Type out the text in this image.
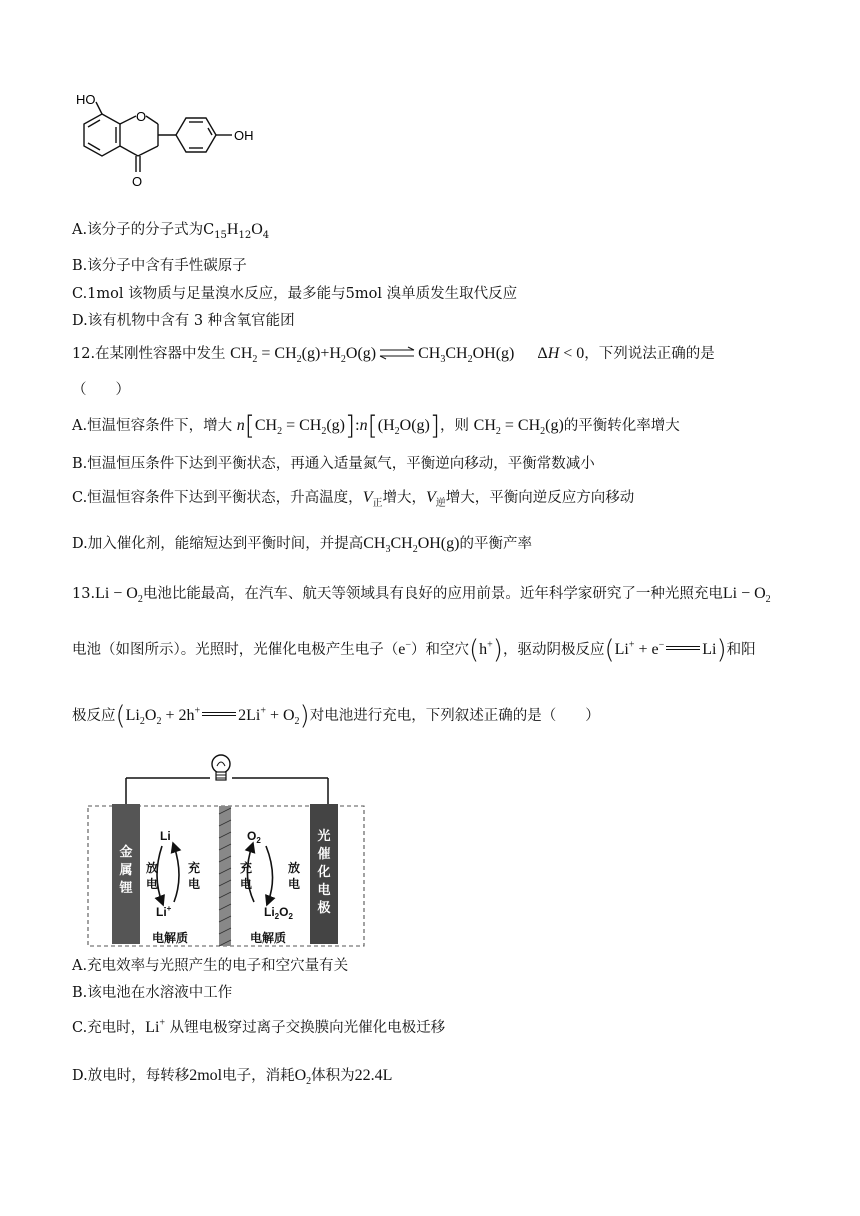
HO
O
O
OH
A.该分子的分子式为$C_{15}H_{12}O_4$
B.该分子中含有手性碳原子
C.1mol 该物质与足量溴水反应，最多能与5mol 溴单质发生取代反应
D.该有机物中含有 3 种含氧官能团
12.在某刚性容器中发生 $CH_2 = CH_2(g)+H_2O(g)$ ⇌ $CH_3CH_2OH(g) \Delta H < 0$，下列说法正确的是
（　　）
A.恒温恒容条件下，增大 $n[CH_2$ = $CH_2(g)]:n[(H_2O(g)]$，则 $CH_2 = CH_2(g)$的平衡转化率增大
B.恒温恒压条件下达到平衡状态，再通入适量氮气，平衡逆向移动，平衡常数减小
C.恒温恒容条件下达到平衡状态，升高温度，$V_正$增大，$V_逆$增大，平衡向逆反应方向移动
D.加入催化剂，能缩短达到平衡时间，并提高$CH_3CH_2OH(g)$的平衡产率
$13.Li - O_2$电池比能最高，在汽车、航天等领域具有良好的应用前景。近年科学家研究了一种光照充电$Li - O_2$
电池（如图所示）。光照时，光催化电极产生电子（e−）和空穴(h+)，驱动阴极反应(Li+ + e− Li)和阳
极反应($Li_2O_2 + 2h^+$ $2Li^+ + O_2$)对电池进行充电，下列叙述正确的是（　　）
金
属
锂
光
催
化
电
极
Li
Li+
放
电
充
电
$O_2$
$Li_2O_2$
充
电
放
电
电解质	电解质
A.充电效率与光照产生的电子和空穴量有关
B.该电池在水溶液中工作
C.充电时，Li+ 从锂电极穿过离子交换膜向光催化电极迁移
D.放电时，每转移2mol电子，消耗$O_2$体积为22.4L
